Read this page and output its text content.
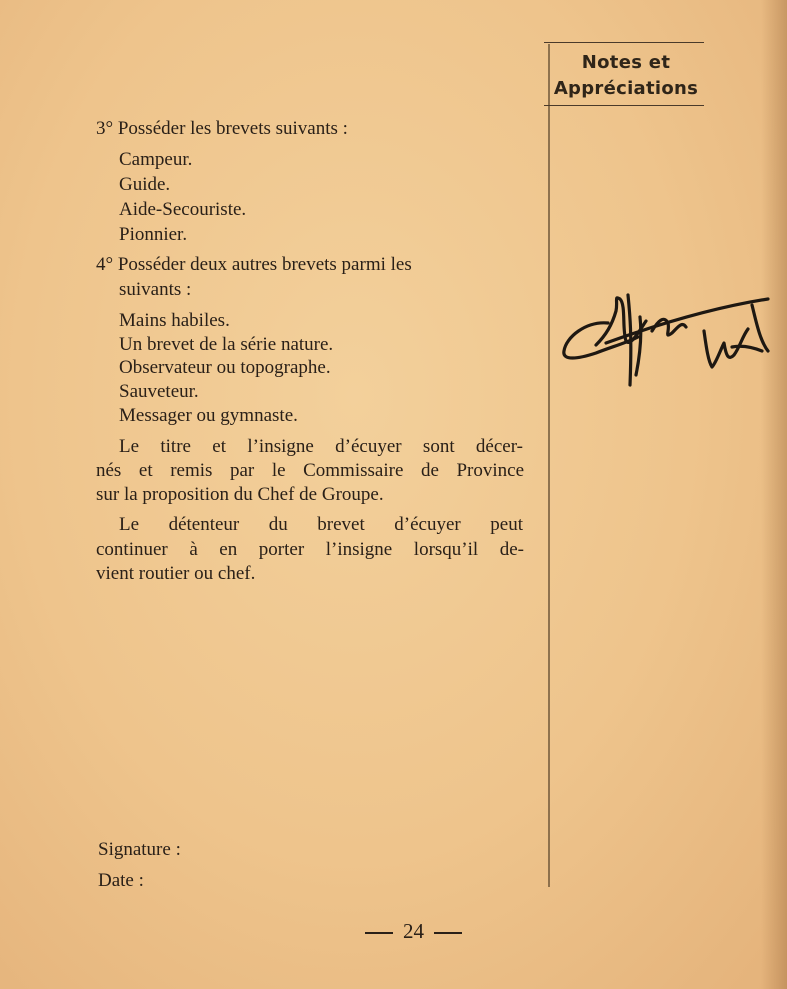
Notes et
Appréciations
3° Posséder les brevets suivants :
Campeur.
Guide.
Aide-Secouriste.
Pionnier.
4° Posséder deux autres brevets parmi les
suivants :
Mains habiles.
Un brevet de la série nature.
Observateur ou topographe.
Sauveteur.
Messager ou gymnaste.
Le titre et l’insigne d’écuyer sont décer-
nés et remis par le Commissaire de Province
sur la proposition du Chef de Groupe.
Le détenteur du brevet d’écuyer peut
continuer à en porter l’insigne lorsqu’il de-
vient routier ou chef.
Signature :
Date :
24
